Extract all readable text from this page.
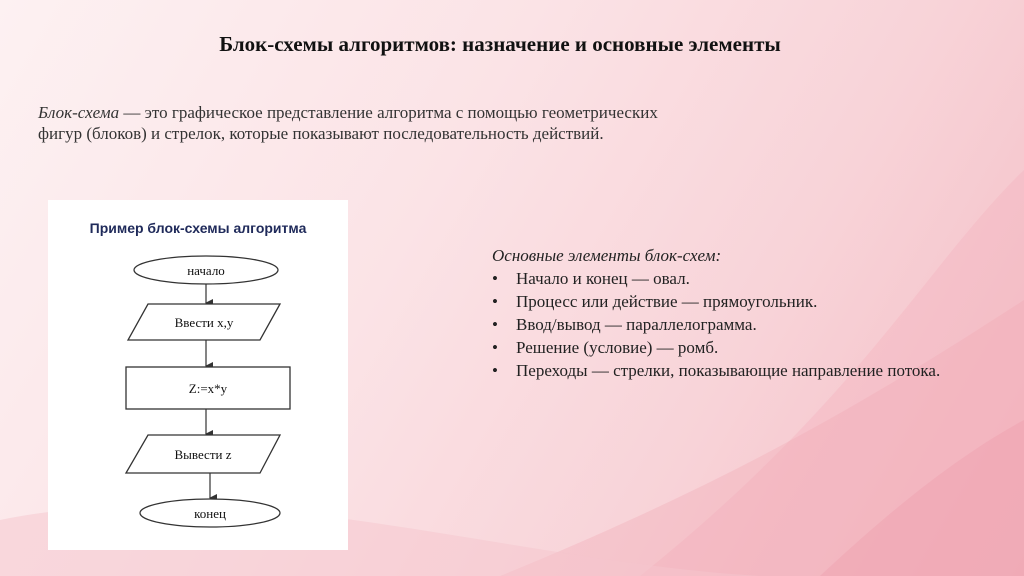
Блок-схемы алгоритмов: назначение и основные элементы
Блок-схема — это графическое представление алгоритма с помощью геометрических фигур (блоков) и стрелок, которые показывают последовательность действий.
Пример блок-схемы алгоритма
начало
Ввести x,y
Z:=x*y
Вывести z
конец
Основные элементы блок-схем:
• Начало и конец — овал.
• Процесс или действие — прямоугольник.
• Ввод/вывод — параллелограмма.
• Решение (условие) — ромб.
• Переходы — стрелки, показывающие направление потока.
